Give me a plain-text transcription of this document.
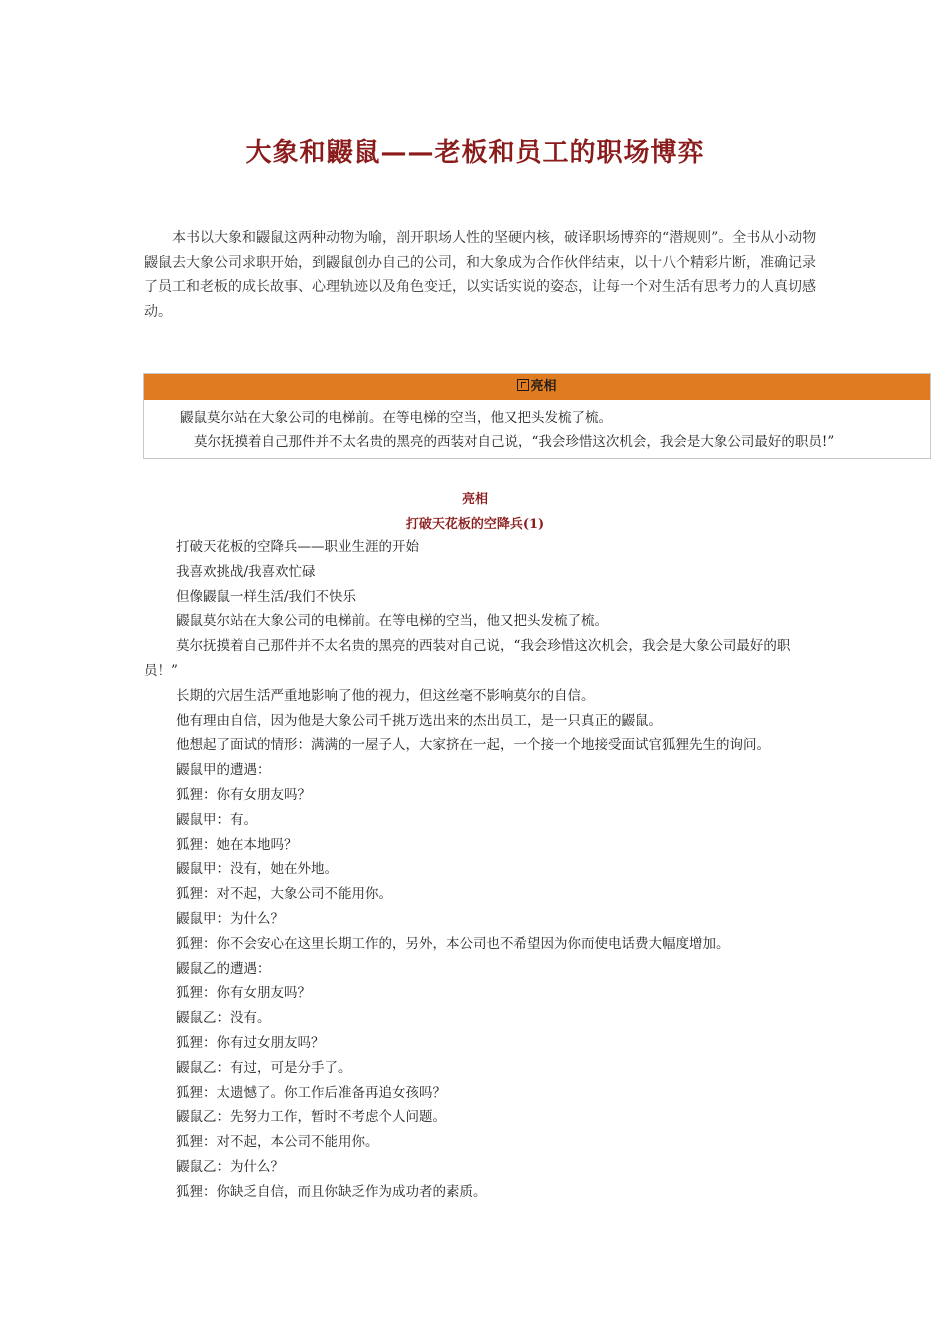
大象和鼹鼠——老板和员工的职场博弈

本书以大象和鼹鼠这两种动物为喻，剖开职场人性的坚硬内核，破译职场博弈的“潜规则”。全书从小动物鼹鼠去大象公司求职开始，到鼹鼠创办自己的公司，和大象成为合作伙伴结束，以十八个精彩片断，准确记录了员工和老板的成长故事、心理轨迹以及角色变迁，以实话实说的姿态，让每一个对生活有思考力的人真切感动。

亮相

鼹鼠莫尔站在大象公司的电梯前。在等电梯的空当，他又把头发梳了梳。

莫尔抚摸着自己那件并不太名贵的黑亮的西装对自己说，“我会珍惜这次机会，我会是大象公司最好的职员!”

亮相
打破天花板的空降兵(1)

打破天花板的空降兵——职业生涯的开始

我喜欢挑战/我喜欢忙碌

但像鼹鼠一样生活/我们不快乐

鼹鼠莫尔站在大象公司的电梯前。在等电梯的空当，他又把头发梳了梳。

莫尔抚摸着自己那件并不太名贵的黑亮的西装对自己说，“我会珍惜这次机会，我会是大象公司最好的职员！”

长期的穴居生活严重地影响了他的视力，但这丝毫不影响莫尔的自信。

他有理由自信，因为他是大象公司千挑万选出来的杰出员工，是一只真正的鼹鼠。

他想起了面试的情形：满满的一屋子人，大家挤在一起，一个接一个地接受面试官狐狸先生的询问。

鼹鼠甲的遭遇：

狐狸：你有女朋友吗？

鼹鼠甲：有。

狐狸：她在本地吗？

鼹鼠甲：没有，她在外地。

狐狸：对不起，大象公司不能用你。

鼹鼠甲：为什么？

狐狸：你不会安心在这里长期工作的，另外，本公司也不希望因为你而使电话费大幅度增加。

鼹鼠乙的遭遇：

狐狸：你有女朋友吗？

鼹鼠乙：没有。

狐狸：你有过女朋友吗？

鼹鼠乙：有过，可是分手了。

狐狸：太遗憾了。你工作后准备再追女孩吗？

鼹鼠乙：先努力工作，暂时不考虑个人问题。

狐狸：对不起，本公司不能用你。

鼹鼠乙：为什么？

狐狸：你缺乏自信，而且你缺乏作为成功者的素质。
